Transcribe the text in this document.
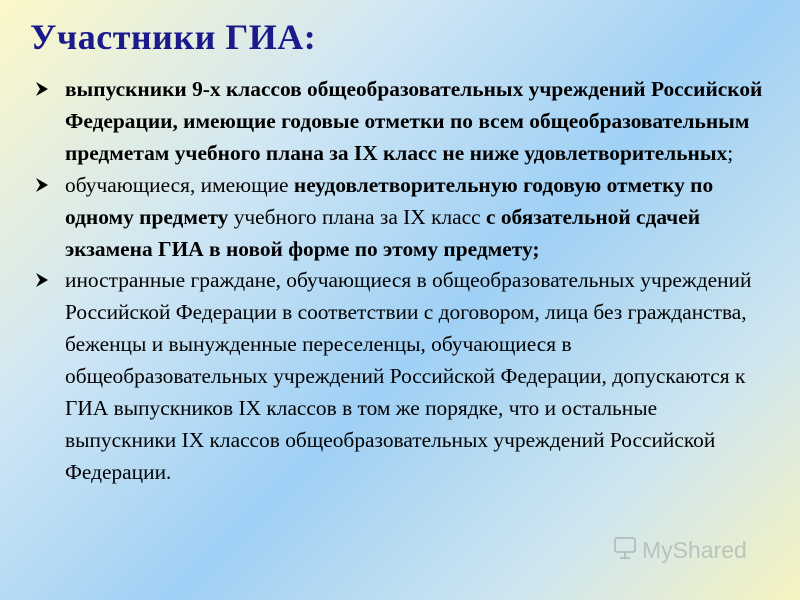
Участники ГИА:
выпускники 9-х классов общеобразовательных учреждений Российской Федерации, имеющие годовые отметки по всем общеобразовательным предметам учебного плана за IX класс не ниже удовлетворительных;
обучающиеся, имеющие неудовлетворительную годовую отметку по одному предмету учебного плана за IX класс с обязательной сдачей экзамена ГИА в новой форме по этому предмету;
иностранные граждане, обучающиеся в общеобразовательных учреждений Российской Федерации в соответствии с договором, лица без гражданства, беженцы и вынужденные переселенцы, обучающиеся в общеобразовательных учреждений Российской Федерации, допускаются к ГИА выпускников IX классов в том же порядке, что и остальные выпускники IX классов общеобразовательных учреждений Российской Федерации.
MyShared
